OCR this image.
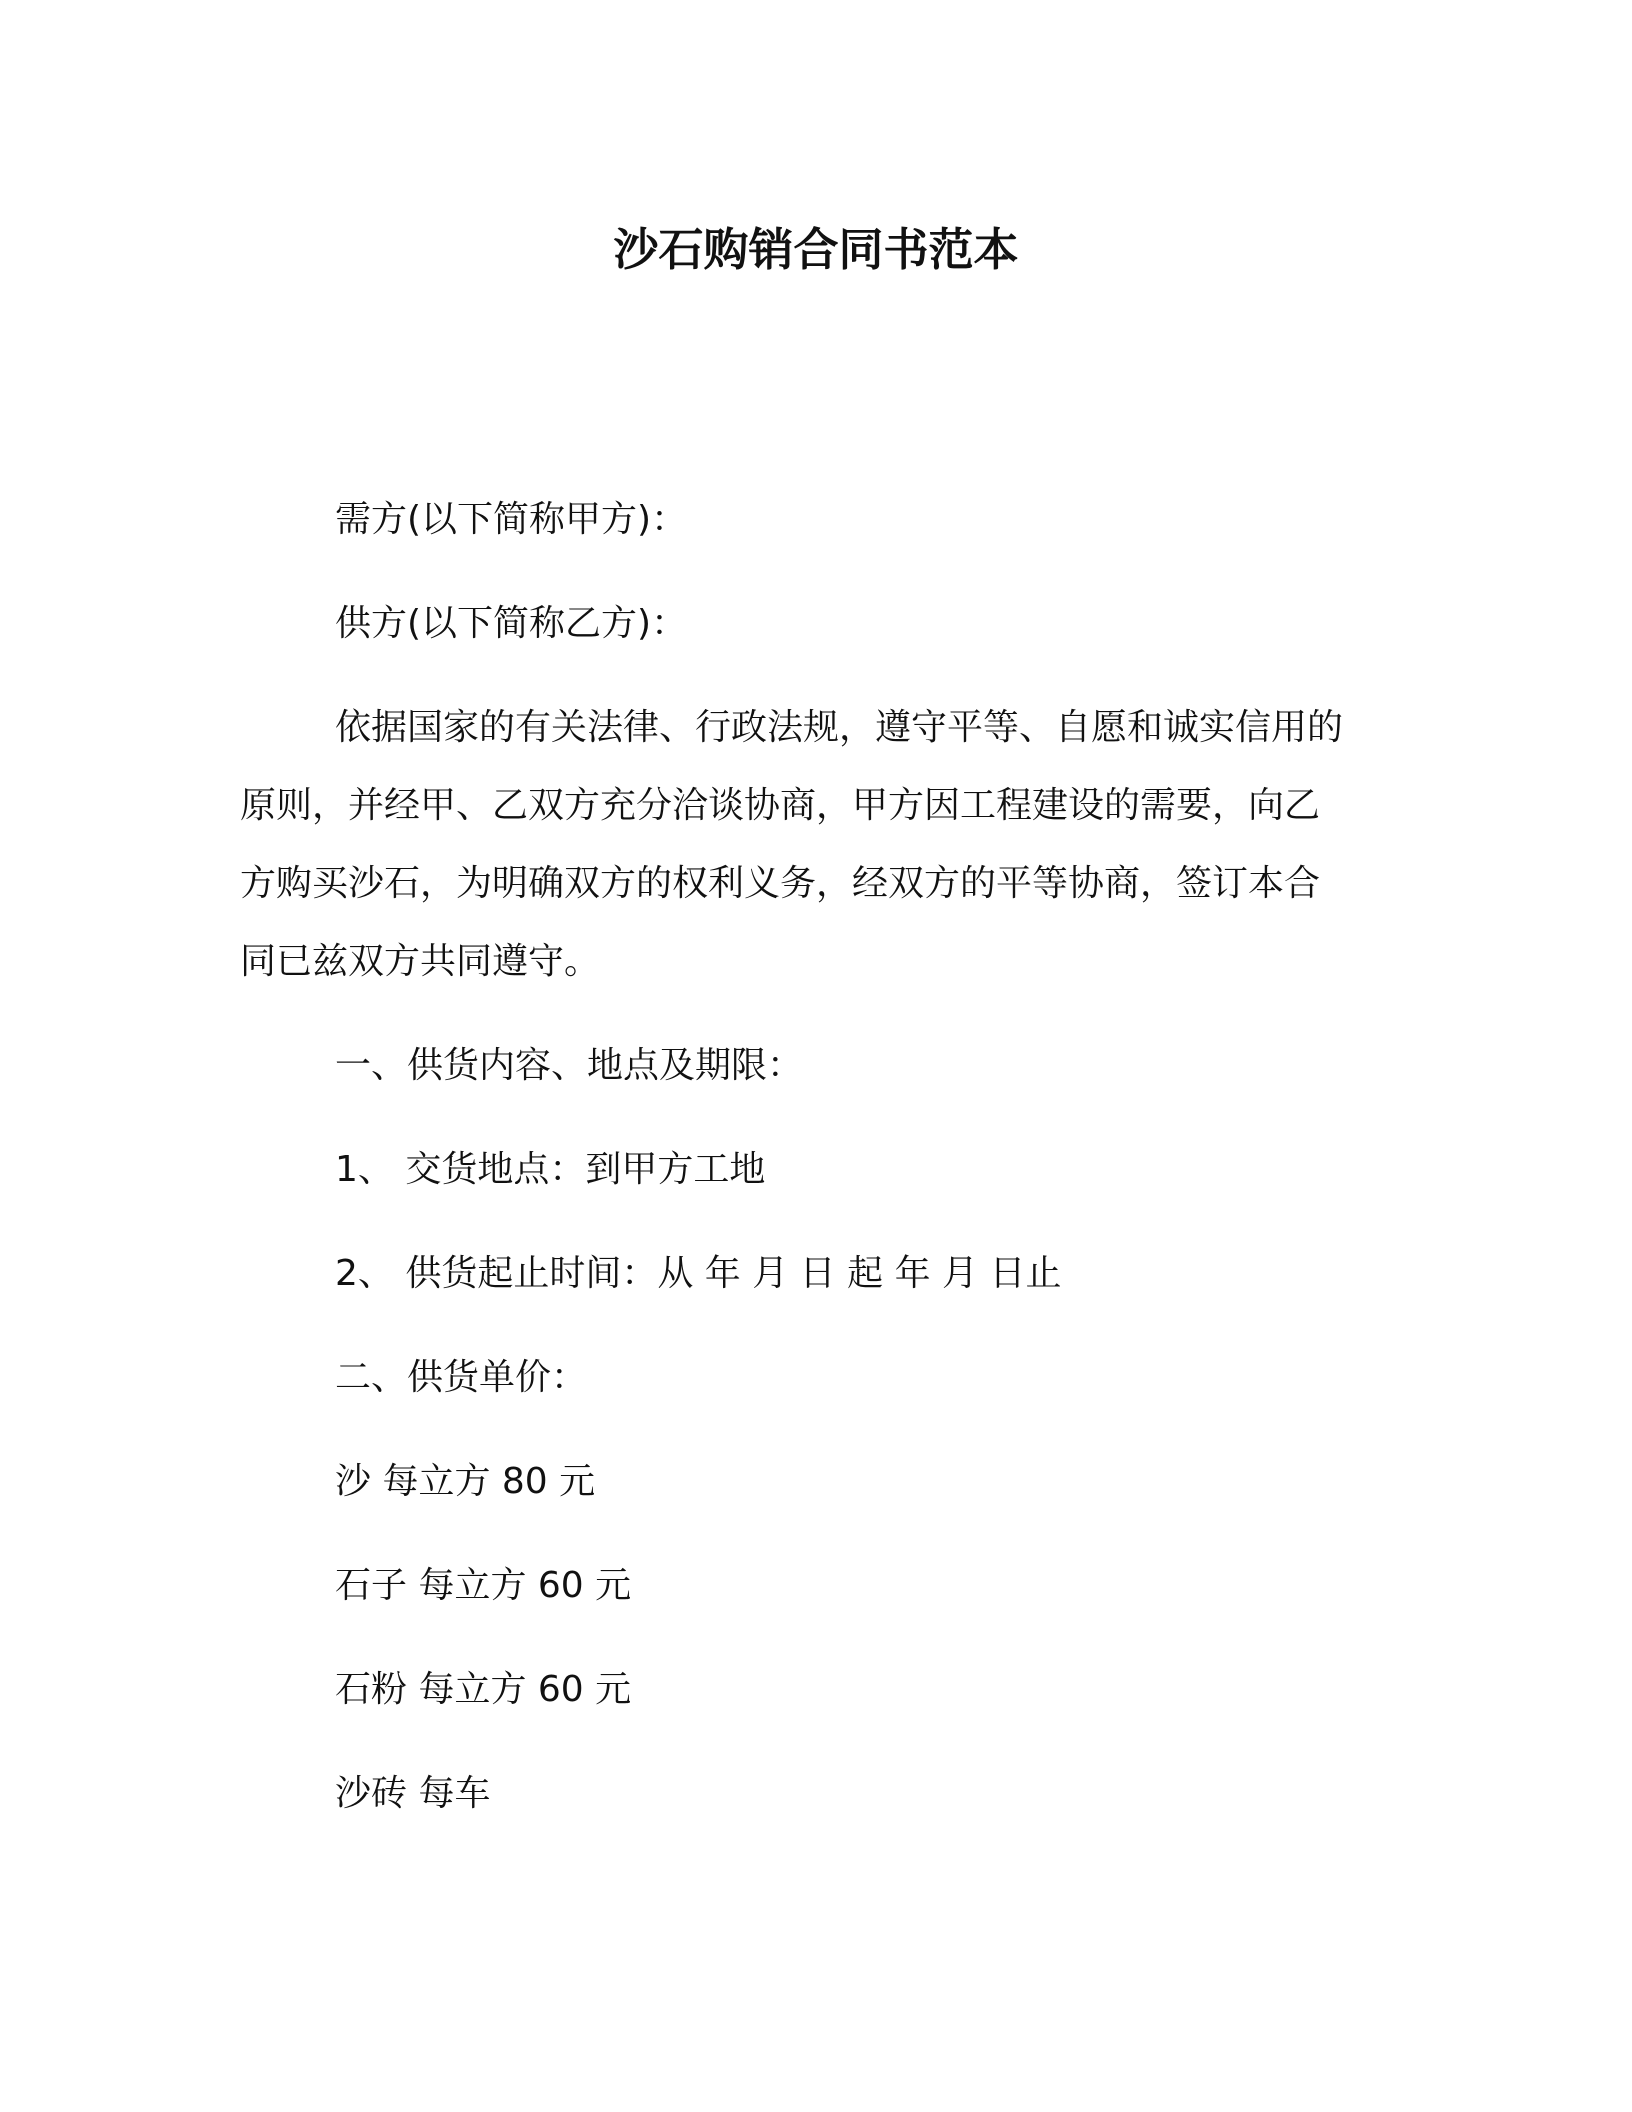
沙石购销合同书范本

需方(以下简称甲方)：

供方(以下简称乙方)：

依据国家的有关法律、行政法规，遵守平等、自愿和诚实信用的

原则，并经甲、乙双方充分洽谈协商，甲方因工程建设的需要，向乙

方购买沙石，为明确双方的权利义务，经双方的平等协商，签订本合

同已兹双方共同遵守。

一、供货内容、地点及期限：

1、 交货地点：到甲方工地

2、 供货起止时间：从 年 月 日 起 年 月 日止

二、供货单价：

沙 每立方 80 元

石子 每立方 60 元

石粉 每立方 60 元

沙砖 每车
